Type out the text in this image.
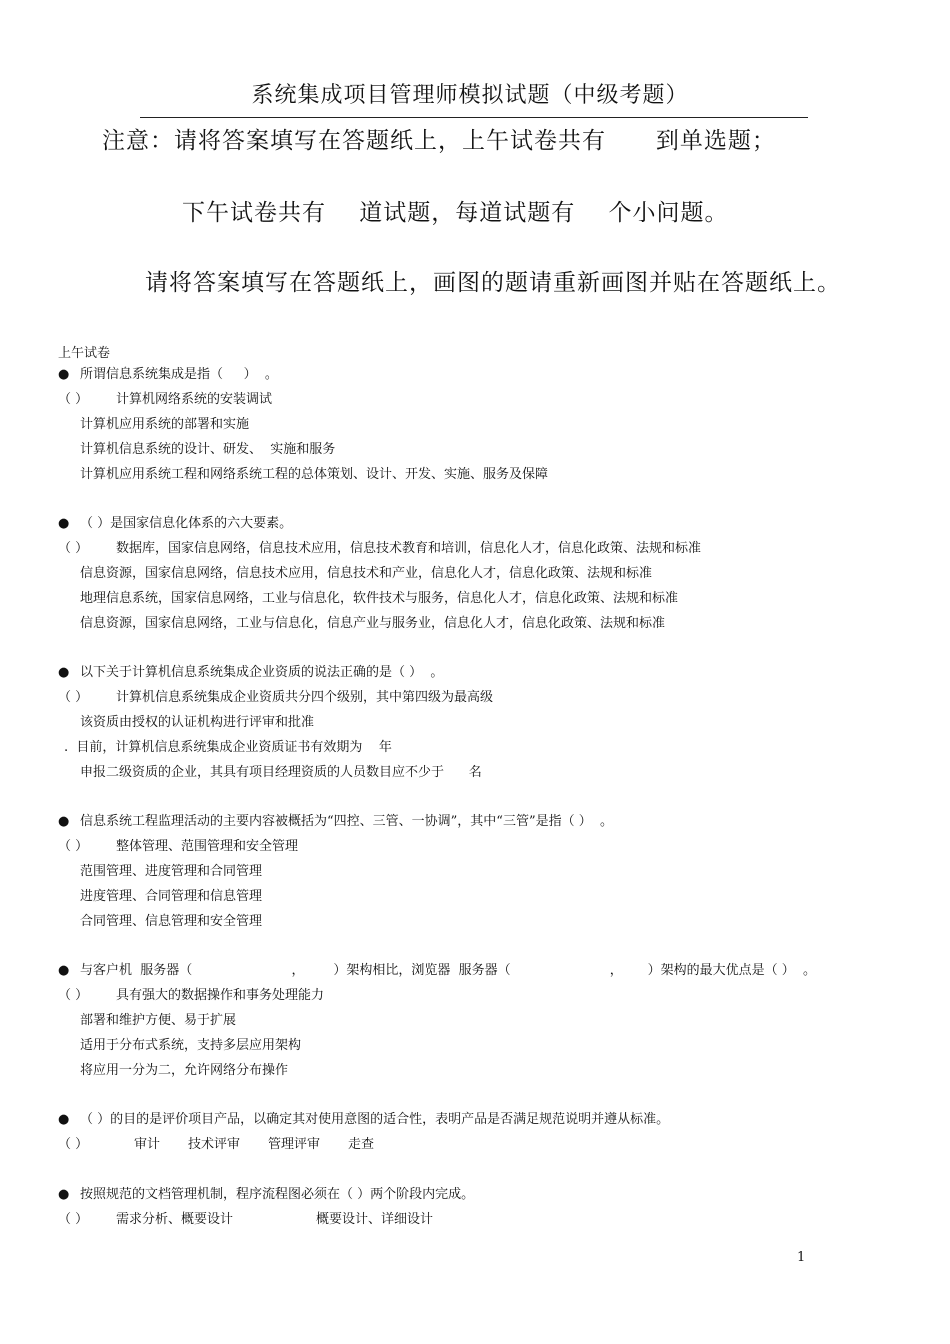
系统集成项目管理师模拟试题（中级考题）
注意：请将答案填写在答题纸上，上午试卷共有      到单选题；
下午试卷共有    道试题，每道试题有    个小问题。
请将答案填写在答题纸上，画图的题请重新画图并贴在答题纸上。
上午试卷
● 所谓信息系统集成是指（     ）  。
（ ）	计算机网络系统的安装调试
计算机应用系统的部署和实施
计算机信息系统的设计、研发、  实施和服务
计算机应用系统工程和网络系统工程的总体策划、设计、开发、实施、服务及保障
● （ ）是国家信息化体系的六大要素。
（ ）	数据库，国家信息网络，信息技术应用，信息技术教育和培训，信息化人才，信息化政策、法规和标准
信息资源，国家信息网络，信息技术应用，信息技术和产业，信息化人才，信息化政策、法规和标准
地理信息系统，国家信息网络，工业与信息化，软件技术与服务，信息化人才，信息化政策、法规和标准
信息资源，国家信息网络，工业与信息化，信息产业与服务业，信息化人才，信息化政策、法规和标准
● 以下关于计算机信息系统集成企业资质的说法正确的是（ ）  。
（ ）	计算机信息系统集成企业资质共分四个级别，其中第四级为最高级
该资质由授权的认证机构进行评审和批准
.  目前，计算机信息系统集成企业资质证书有效期为    年
申报二级资质的企业，其具有项目经理资质的人员数目应不少于      名
● 信息系统工程监理活动的主要内容被概括为“四控、三管、一协调”，其中“三管”是指（ ）  。
（ ）	整体管理、范围管理和安全管理
范围管理、进度管理和合同管理
进度管理、合同管理和信息管理
合同管理、信息管理和安全管理
● 与客户机  服务器（                        ，       ）架构相比，浏览器  服务器（                        ，      ）架构的最大优点是（ ）  。
（ ）	具有强大的数据操作和事务处理能力
部署和维护方便、易于扩展
适用于分布式系统，支持多层应用架构
将应用一分为二，允许网络分布操作
● （ ）的目的是评价项目产品，以确定其对使用意图的适合性，表明产品是否满足规范说明并遵从标准。
（ ）	审计 技术评审 管理评审 走查
● 按照规范的文档管理机制，程序流程图必须在（ ）两个阶段内完成。
（ ）	需求分析、概要设计	概要设计、详细设计
1
